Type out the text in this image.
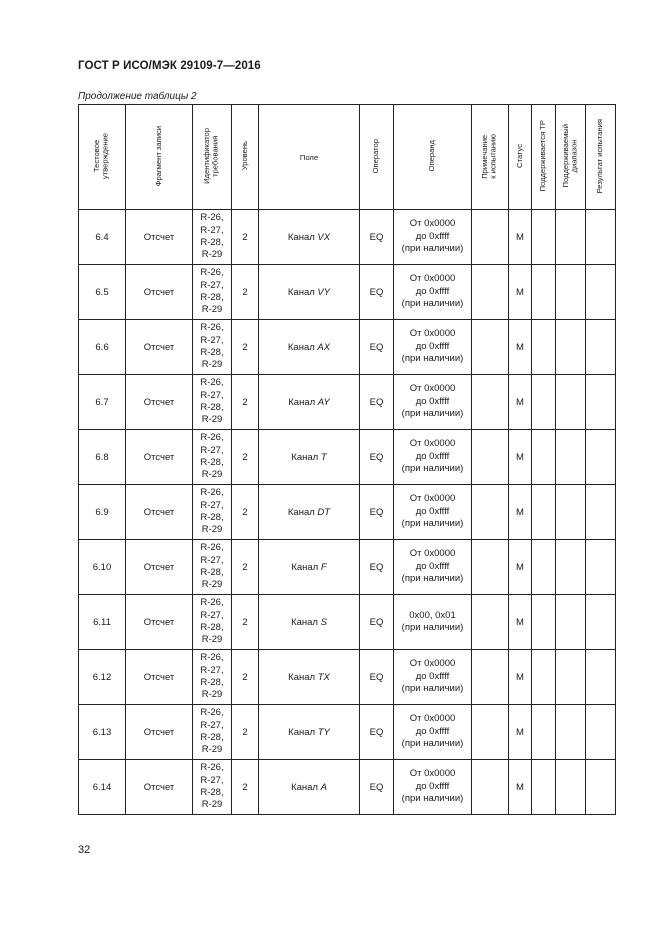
ГОСТ Р ИСО/МЭК 29109-7—2016
Продолжение таблицы 2
Тестовое
утверждение	Фрагмент записи	Идентификатор
требования	Уровень	Поле	Оператор	Операнд	Примечание
к испытанию	Статус	Поддерживается ТР	Поддерживаемый
диапазон	Результат испытания
6.4	Отсчет	R-26,
R-27,
R-28,
R-29	2	Канал VX	EQ	От 0x0000
до 0xffff
(при наличии)		M			
6.5	Отсчет	R-26,
R-27,
R-28,
R-29	2	Канал VY	EQ	От 0x0000
до 0xffff
(при наличии)		M			
6.6	Отсчет	R-26,
R-27,
R-28,
R-29	2	Канал AX	EQ	От 0x0000
до 0xffff
(при наличии)		M			
6.7	Отсчет	R-26,
R-27,
R-28,
R-29	2	Канал AY	EQ	От 0x0000
до 0xffff
(при наличии)		M			
6.8	Отсчет	R-26,
R-27,
R-28,
R-29	2	Канал T	EQ	От 0x0000
до 0xffff
(при наличии)		M			
6.9	Отсчет	R-26,
R-27,
R-28,
R-29	2	Канал DT	EQ	От 0x0000
до 0xffff
(при наличии)		M			
6.10	Отсчет	R-26,
R-27,
R-28,
R-29	2	Канал F	EQ	От 0x0000
до 0xffff
(при наличии)		M			
6.11	Отсчет	R-26,
R-27,
R-28,
R-29	2	Канал S	EQ	0x00, 0x01
(при наличии)		M			
6.12	Отсчет	R-26,
R-27,
R-28,
R-29	2	Канал TX	EQ	От 0x0000
до 0xffff
(при наличии)		M			
6.13	Отсчет	R-26,
R-27,
R-28,
R-29	2	Канал TY	EQ	От 0x0000
до 0xffff
(при наличии)		M			
6.14	Отсчет	R-26,
R-27,
R-28,
R-29	2	Канал A	EQ	От 0x0000
до 0xffff
(при наличии)		M			
32
